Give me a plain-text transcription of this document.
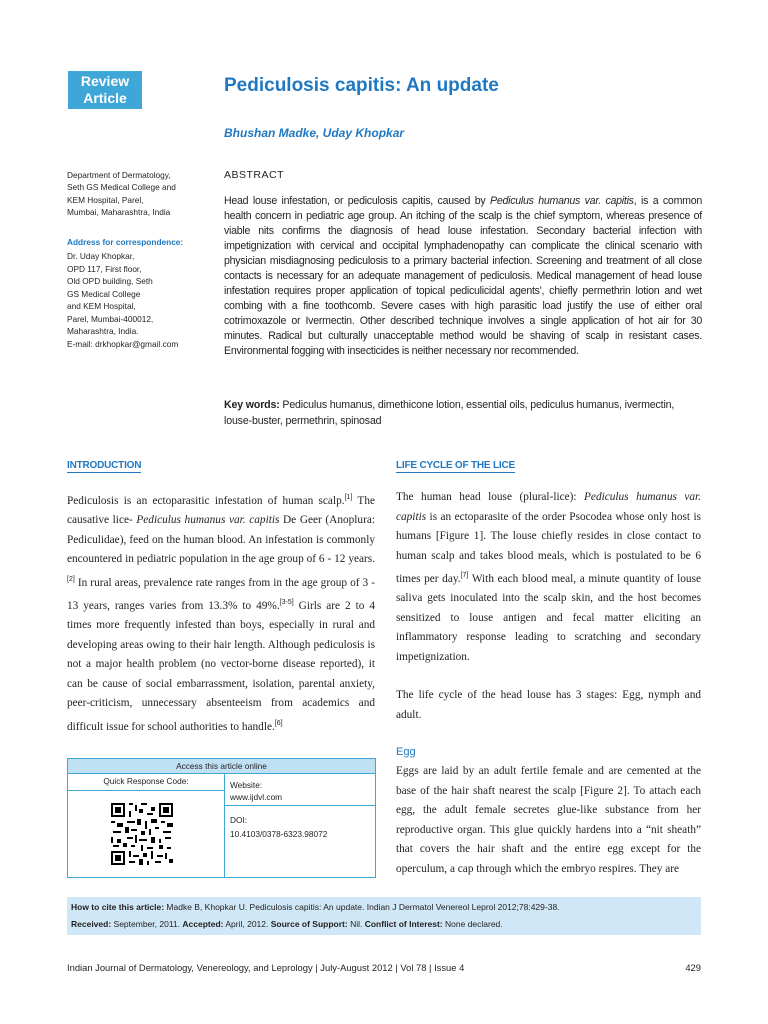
Review
Article
Pediculosis capitis: An update
Bhushan Madke, Uday Khopkar
Department of Dermatology,
Seth GS Medical College and
KEM Hospital, Parel,
Mumbai, Maharashtra, India
Address for correspondence:
Dr. Uday Khopkar,
OPD 117, First floor,
Old OPD building, Seth
GS Medical College
and KEM Hospital,
Parel, Mumbai-400012,
Maharashtra, India.
E-mail: drkhopkar@gmail.com
ABSTRACT

Head louse infestation, or pediculosis capitis, caused by Pediculus humanus var. capitis, is a common health concern in pediatric age group. An itching of the scalp is the chief symptom, whereas presence of viable nits confirms the diagnosis of head louse infestation. Secondary bacterial infection with impetignization with cervical and occipital lymphadenopathy can complicate the clinical scenario with physician misdiagnosing pediculosis to a primary bacterial infection. Screening and treatment of all close contacts is necessary for an adequate management of pediculosis. Medical management of head louse infestation requires proper application of topical pediculicidal agents', chiefly permethrin lotion and wet combing with a fine toothcomb. Severe cases with high parasitic load justify the use of either oral cotrimoxazole or Ivermectin. Other described technique involves a single application of hot air for 30 minutes. Radical but culturally unacceptable method would be shaving of scalp in resistant cases. Environmental fogging with insecticides is neither necessary nor recommended.

Key words: Pediculus humanus, dimethicone lotion, essential oils, pediculus humanus, ivermectin, louse-buster, permethrin, spinosad

INTRODUCTION

Pediculosis is an ectoparasitic infestation of human scalp.[1] The causative lice- Pediculus humanus var. capitis De Geer (Anoplura: Pediculidae), feed on the human blood. An infestation is commonly encountered in pediatric population in the age group of 6 - 12 years.[2] In rural areas, prevalence rate ranges from in the age group of 3 - 13 years, ranges varies from 13.3% to 49%.[3-5] Girls are 2 to 4 times more frequently infested than boys, especially in rural and developing areas owing to their hair length. Although pediculosis is not a major health problem (no vector-borne disease reported), it can be cause of social embarrassment, isolation, parental anxiety, peer-criticism, unnecessary absenteeism from academics and difficult issue for school authorities to handle.[6]

Access this article online
Quick Response Code:	Website:
www.ijdvl.com
DOI:
10.4103/0378-6323.98072
LIFE CYCLE OF THE LICE

The human head louse (plural-lice): Pediculus humanus var. capitis is an ectoparasite of the order Psocodea whose only host is humans [Figure 1]. The louse chiefly resides in close contact to human scalp and takes blood meals, which is postulated to be 6 times per day.[7] With each blood meal, a minute quantity of louse saliva gets inoculated into the scalp skin, and the host becomes sensitized to louse antigen and fecal matter eliciting an inflammatory response leading to scratching and secondary impetignization.

The life cycle of the head louse has 3 stages: Egg, nymph and adult.

Egg

Eggs are laid by an adult fertile female and are cemented at the base of the hair shaft nearest the scalp [Figure 2]. To attach each egg, the adult female secretes glue-like substance from her reproductive organ. This glue quickly hardens into a “nit sheath” that covers the hair shaft and the entire egg except for the operculum, a cap through which the embryo respires. They are

How to cite this article: Madke B, Khopkar U. Pediculosis capitis: An update. Indian J Dermatol Venereol Leprol 2012;78:429-38.
Received: September, 2011. Accepted: April, 2012. Source of Support: Nil. Conflict of Interest: None declared.
Indian Journal of Dermatology, Venereology, and Leprology | July-August 2012 | Vol 78 | Issue 4	429
